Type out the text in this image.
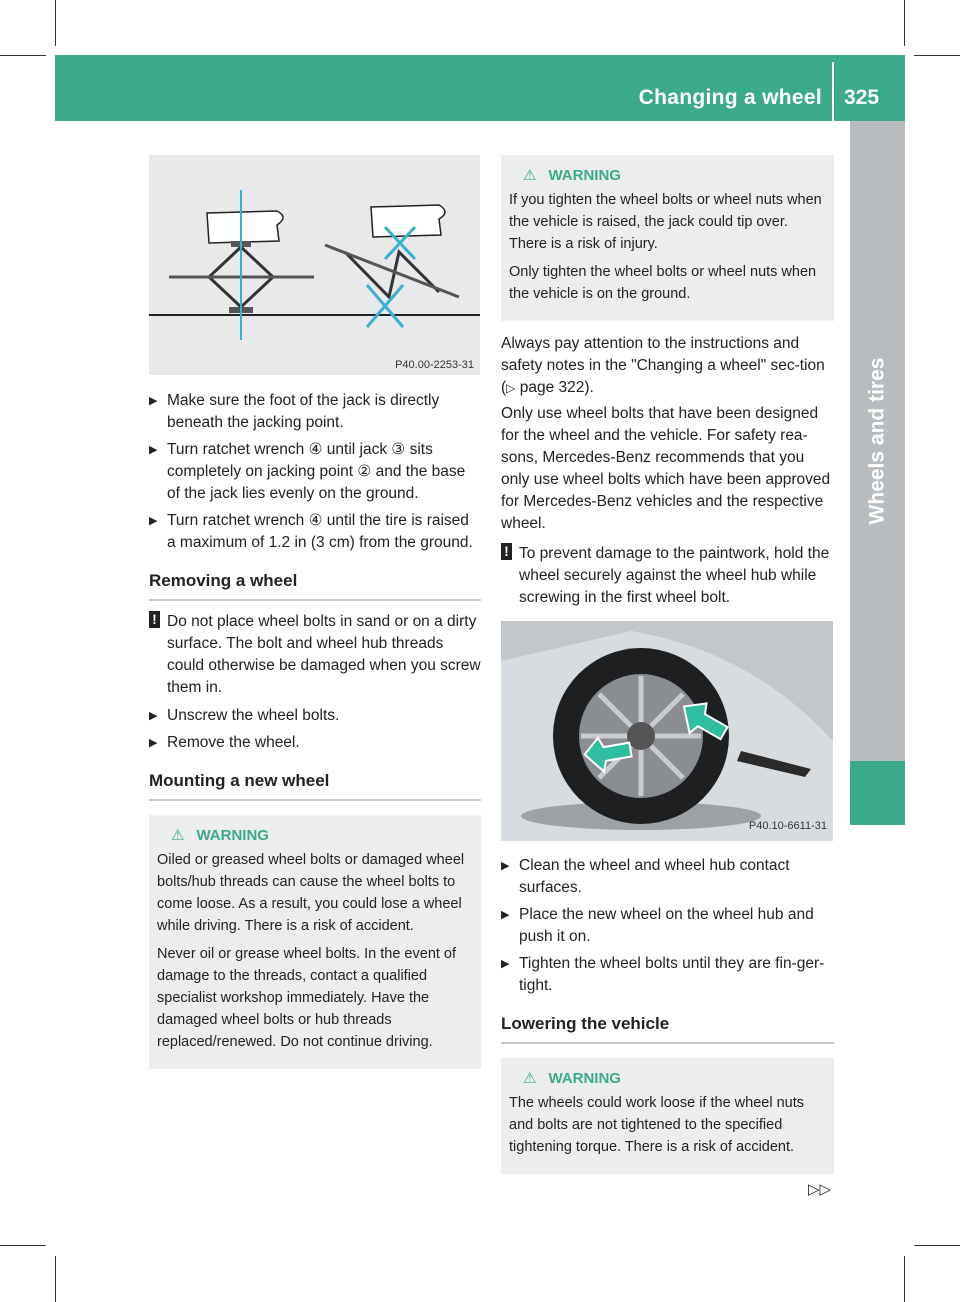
Changing a wheel 325
Wheels and tires
P40.00-2253-31
▶ Make sure the foot of the jack is directly beneath the jacking point.
▶ Turn ratchet wrench ④ until jack ③ sits completely on jacking point ② and the base of the jack lies evenly on the ground.
▶ Turn ratchet wrench ④ until the tire is raised a maximum of 1.2 in (3 cm) from the ground.
Removing a wheel
! Do not place wheel bolts in sand or on a dirty surface. The bolt and wheel hub threads could otherwise be damaged when you screw them in.
▶ Unscrew the wheel bolts.
▶ Remove the wheel.
Mounting a new wheel
⚠ WARNING

Oiled or greased wheel bolts or damaged wheel bolts/hub threads can cause the wheel bolts to come loose. As a result, you could lose a wheel while driving. There is a risk of accident.

Never oil or grease wheel bolts. In the event of damage to the threads, contact a qualified specialist workshop immediately. Have the damaged wheel bolts or hub threads replaced/renewed. Do not continue driving.

⚠ WARNING

If you tighten the wheel bolts or wheel nuts when the vehicle is raised, the jack could tip over. There is a risk of injury.

Only tighten the wheel bolts or wheel nuts when the vehicle is on the ground.

Always pay attention to the instructions and safety notes in the "Changing a wheel" sec-tion (▷ page 322).

Only use wheel bolts that have been designed for the wheel and the vehicle. For safety rea-sons, Mercedes-Benz recommends that you only use wheel bolts which have been approved for Mercedes-Benz vehicles and the respective wheel.

! To prevent damage to the paintwork, hold the wheel securely against the wheel hub while screwing in the first wheel bolt.
P40.10-6611-31
▶ Clean the wheel and wheel hub contact surfaces.
▶ Place the new wheel on the wheel hub and push it on.
▶ Tighten the wheel bolts until they are fin-ger-tight.
Lowering the vehicle
⚠ WARNING

The wheels could work loose if the wheel nuts and bolts are not tightened to the specified tightening torque. There is a risk of accident.

▷▷
